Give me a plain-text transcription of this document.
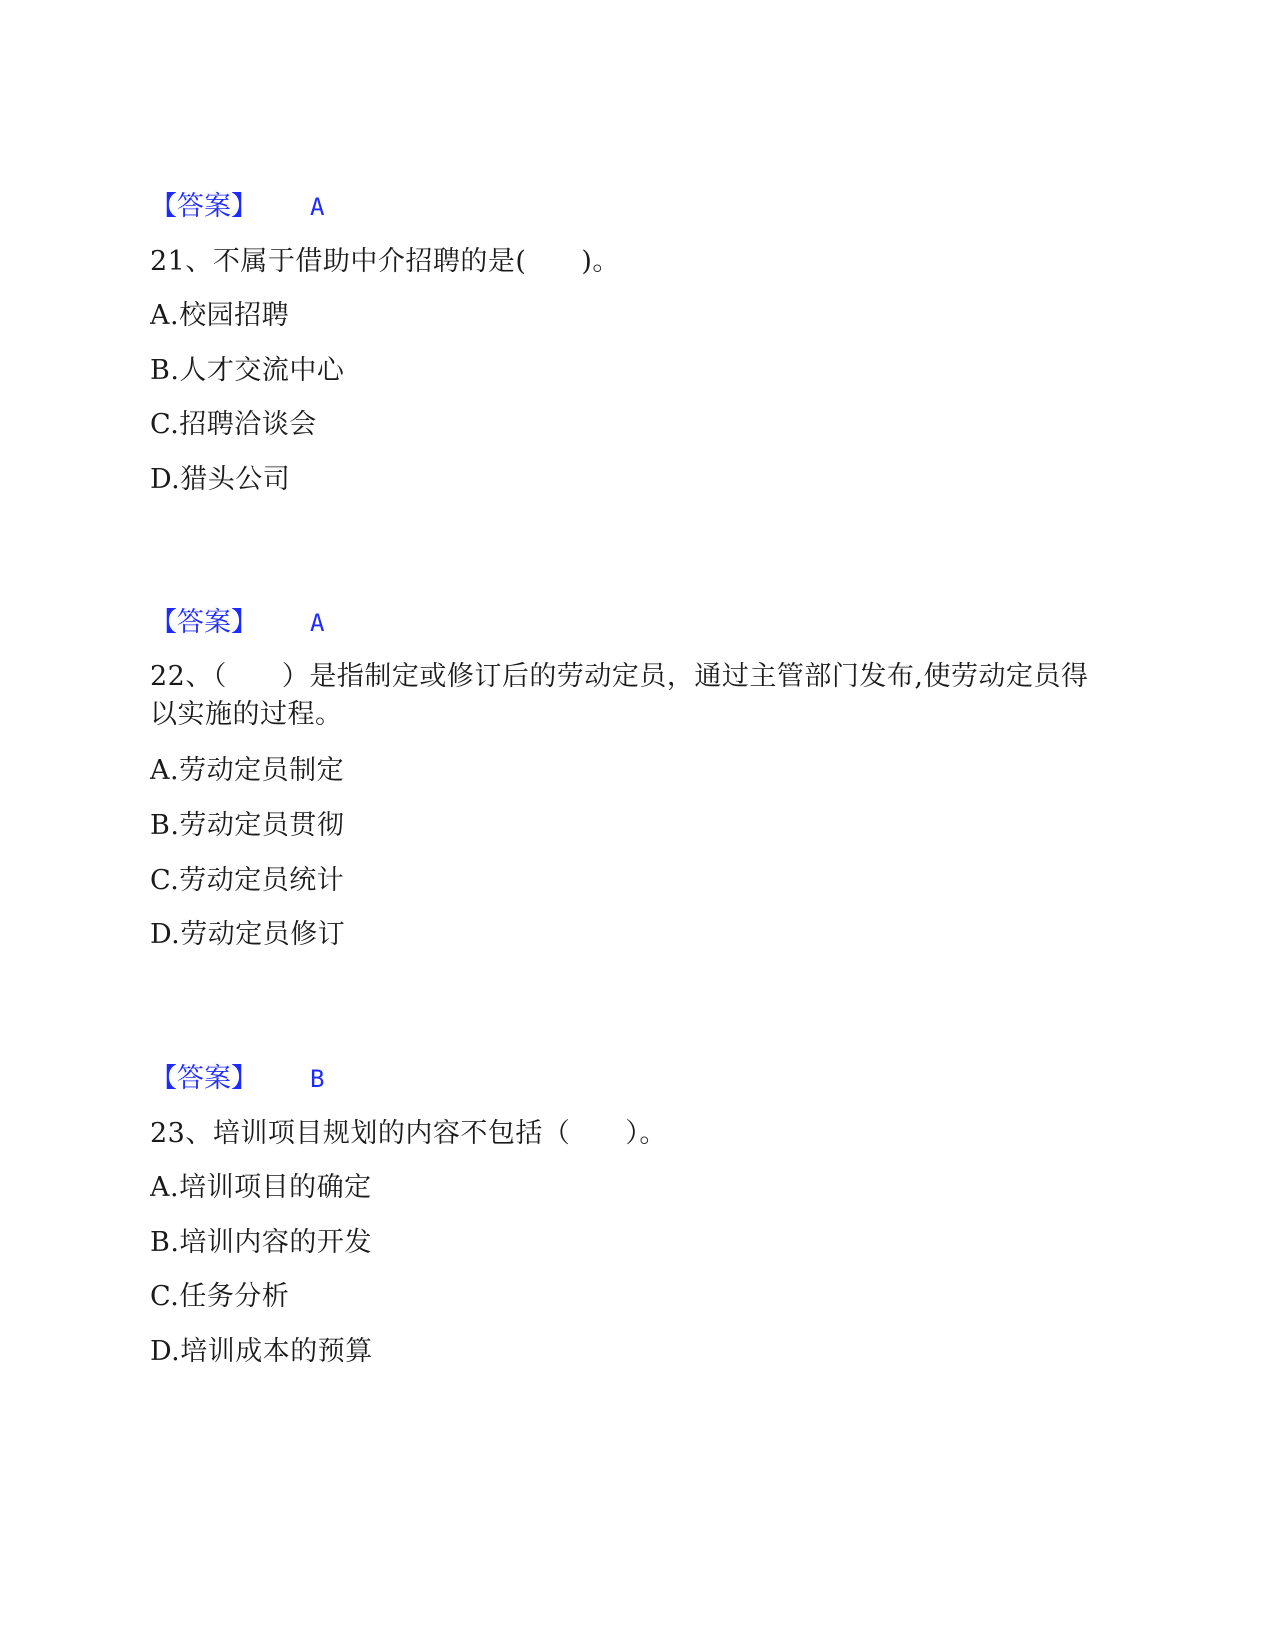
【答案】 A
21、不属于借助中介招聘的是(　　)。
A.校园招聘
B.人才交流中心
C.招聘洽谈会
D.猎头公司
【答案】 A
22、（　　）是指制定或修订后的劳动定员，通过主管部门发布,使劳动定员得以实施的过程。
A.劳动定员制定
B.劳动定员贯彻
C.劳动定员统计
D.劳动定员修订
【答案】 B
23、培训项目规划的内容不包括（　　）。
A.培训项目的确定
B.培训内容的开发
C.任务分析
D.培训成本的预算
